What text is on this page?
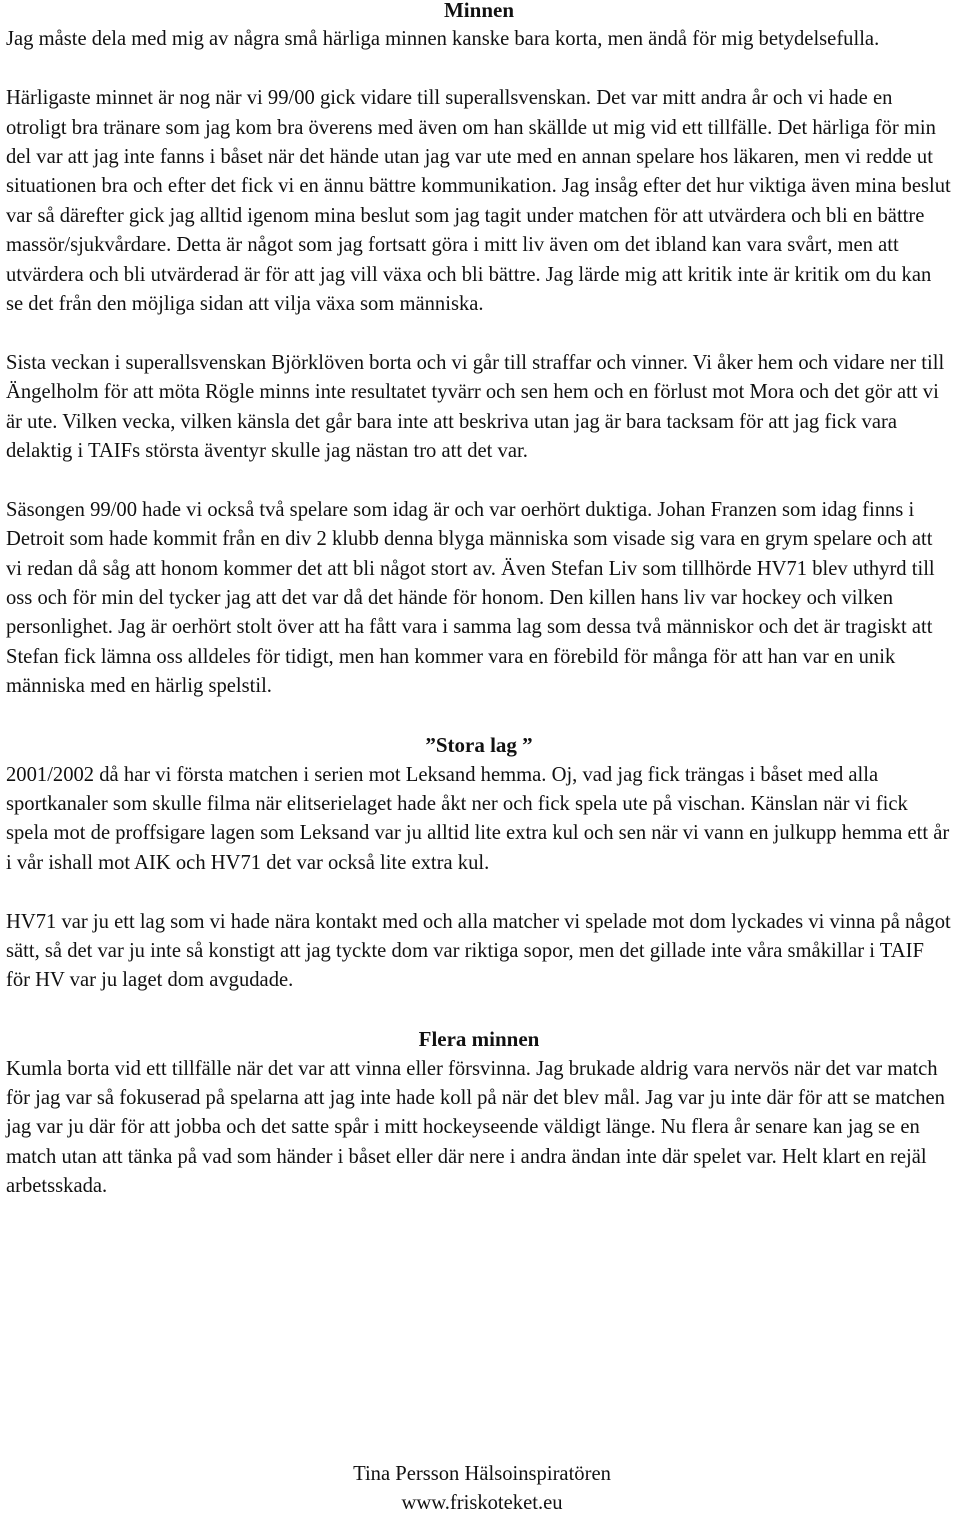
Minnen

Jag måste dela med mig av några små härliga minnen kanske bara korta, men ändå för mig betydelsefulla.

Härligaste minnet är nog när vi 99/00 gick vidare till superallsvenskan. Det var mitt andra år och vi hade en otroligt bra tränare som jag kom bra överens med även om han skällde ut mig vid ett tillfälle. Det härliga för min del var att jag inte fanns i båset när det hände utan jag var ute med en annan spelare hos läkaren, men vi redde ut situationen bra och efter det fick vi en ännu bättre kommunikation. Jag insåg efter det hur viktiga även mina beslut var så därefter gick jag alltid igenom mina beslut som jag tagit under matchen för att utvärdera och bli en bättre massör/sjukvårdare. Detta är något som jag fortsatt göra i mitt liv även om det ibland kan vara svårt, men att utvärdera och bli utvärderad är för att jag vill växa och bli bättre. Jag lärde mig att kritik inte är kritik om du kan se det från den möjliga sidan att vilja växa som människa.

Sista veckan i superallsvenskan Björklöven borta och vi går till straffar och vinner. Vi åker hem och vidare ner till Ängelholm för att möta Rögle minns inte resultatet tyvärr och sen hem och en förlust mot Mora och det gör att vi är ute. Vilken vecka, vilken känsla det går bara inte att beskriva utan jag är bara tacksam för att jag fick vara delaktig i TAIFs största äventyr skulle jag nästan tro att det var.

Säsongen 99/00 hade vi också två spelare som idag är och var oerhört duktiga. Johan Franzen som idag finns i Detroit som hade kommit från en div 2 klubb denna blyga människa som visade sig vara en grym spelare och att vi redan då såg att honom kommer det att bli något stort av. Även Stefan Liv som tillhörde HV71 blev uthyrd till oss och för min del tycker jag att det var då det hände för honom. Den killen hans liv var hockey och vilken personlighet. Jag är oerhört stolt över att ha fått vara i samma lag som dessa två människor och det är tragiskt att Stefan fick lämna oss alldeles för tidigt, men han kommer vara en förebild för många för att han var en unik människa med en härlig spelstil.

”Stora lag ”

2001/2002 då har vi första matchen i serien mot Leksand hemma. Oj, vad jag fick trängas i båset med alla sportkanaler som skulle filma när elitserielaget hade åkt ner och fick spela ute på vischan. Känslan när vi fick spela mot de proffsigare lagen som Leksand var ju alltid lite extra kul och sen när vi vann en julkupp hemma ett år i vår ishall mot AIK och HV71 det var också lite extra kul.

HV71 var ju ett lag som vi hade nära kontakt med och alla matcher vi spelade mot dom lyckades vi vinna på något sätt, så det var ju inte så konstigt att jag tyckte dom var riktiga sopor, men det gillade inte våra småkillar i TAIF för HV var ju laget dom avgudade.

Flera minnen

Kumla borta vid ett tillfälle när det var att vinna eller försvinna. Jag brukade aldrig vara nervös när det var match för jag var så fokuserad på spelarna att jag inte hade koll på när det blev mål. Jag var ju inte där för att se matchen jag var ju där för att jobba och det satte spår i mitt hockeyseende väldigt länge. Nu flera år senare kan jag se en match utan att tänka på vad som händer i båset eller där nere i andra ändan inte där spelet var. Helt klart en rejäl arbetsskada.

Tina Persson Hälsoinspiratören
www.friskoteket.eu
